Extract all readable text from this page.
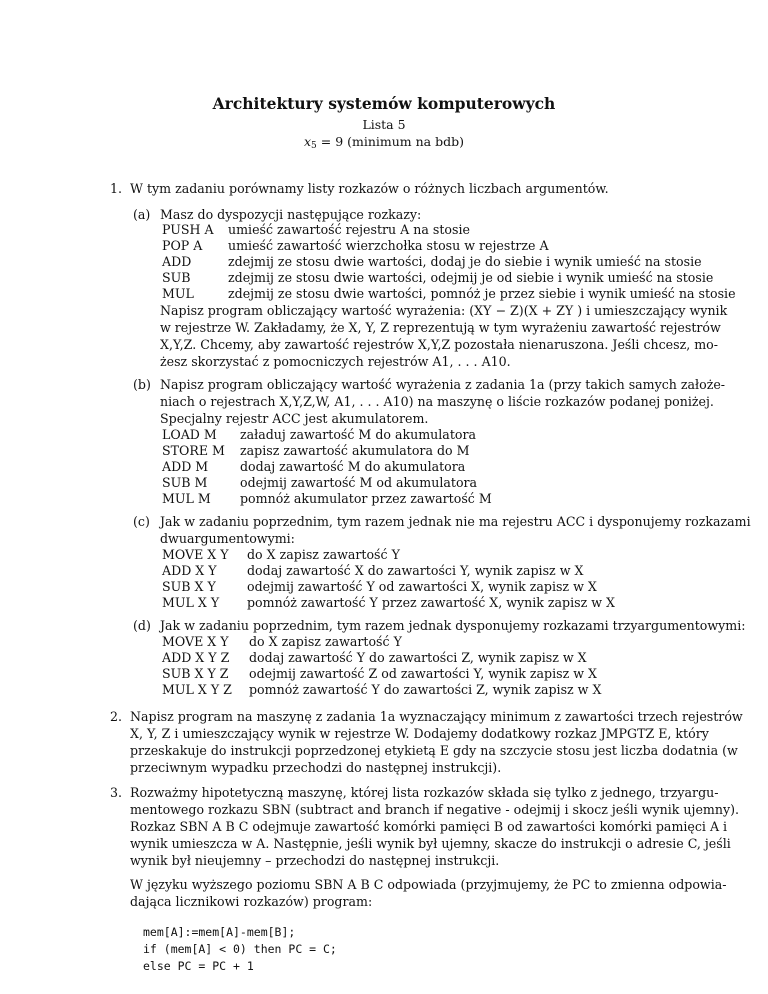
Architektury systemów komputerowych
Lista 5
x5 = 9 (minimum na bdb)
1. W tym zadaniu porównamy listy rozkazów o różnych liczbach argumentów.
(a) Masz do dyspozycji następujące rozkazy:
PUSH A umieść zawartość rejestru A na stosie
POP A umieść zawartość wierzchołka stosu w rejestrze A
ADD	zdejmij ze stosu dwie wartości, dodaj je do siebie i wynik umieść na stosie
SUB	zdejmij ze stosu dwie wartości, odejmij je od siebie i wynik umieść na stosie
MUL	zdejmij ze stosu dwie wartości, pomnóż je przez siebie i wynik umieść na stosie
Napisz program obliczający wartość wyrażenia: (XY − Z)(X + ZY ) i umieszczający wynik
w rejestrze W. Zakładamy, że X, Y, Z reprezentują w tym wyrażeniu zawartość rejestrów
X,Y,Z. Chcemy, aby zawartość rejestrów X,Y,Z pozostała nienaruszona. Jeśli chcesz, mo-
żesz skorzystać z pomocniczych rejestrów A1, . . . A10.
(b) Napisz program obliczający wartość wyrażenia z zadania 1a (przy takich samych założe-
niach o rejestrach X,Y,Z,W, A1, . . . A10) na maszynę o liście rozkazów podanej poniżej.
Specjalny rejestr ACC jest akumulatorem.
LOAD M załaduj zawartość M do akumulatora
STORE M zapisz zawartość akumulatora do M
ADD M	dodaj zawartość M do akumulatora
SUB M	odejmij zawartość M od akumulatora
MUL M pomnóż akumulator przez zawartość M
(c) Jak w zadaniu poprzednim, tym razem jednak nie ma rejestru ACC i dysponujemy rozkazami
dwuargumentowymi:
MOVE X Y do X zapisz zawartość Y
ADD X Y dodaj zawartość X do zawartości Y, wynik zapisz w X
SUB X Y odejmij zawartość Y od zawartości X, wynik zapisz w X
MUL X Y pomnóż zawartość Y przez zawartość X, wynik zapisz w X
(d) Jak w zadaniu poprzednim, tym razem jednak dysponujemy rozkazami trzyargumentowymi:
MOVE X Y do X zapisz zawartość Y
ADD X Y Z dodaj zawartość Y do zawartości Z, wynik zapisz w X
SUB X Y Z odejmij zawartość Z od zawartości Y, wynik zapisz w X
MUL X Y Z pomnóż zawartość Y do zawartości Z, wynik zapisz w X
2. Napisz program na maszynę z zadania 1a wyznaczający minimum z zawartości trzech rejestrów
X, Y, Z i umieszczający wynik w rejestrze W. Dodajemy dodatkowy rozkaz JMPGTZ E, który
przeskakuje do instrukcji poprzedzonej etykietą E gdy na szczycie stosu jest liczba dodatnia (w
przeciwnym wypadku przechodzi do następnej instrukcji).
3. Rozważmy hipotetyczną maszynę, której lista rozkazów składa się tylko z jednego, trzyargu-
mentowego rozkazu SBN (subtract and branch if negative - odejmij i skocz jeśli wynik ujemny).
Rozkaz SBN A B C odejmuje zawartość komórki pamięci B od zawartości komórki pamięci A i
wynik umieszcza w A. Następnie, jeśli wynik był ujemny, skacze do instrukcji o adresie C, jeśli
wynik był nieujemny – przechodzi do następnej instrukcji.
W języku wyższego poziomu SBN A B C odpowiada (przyjmujemy, że PC to zmienna odpowia-
dająca licznikowi rozkazów) program:
mem[A]:=mem[A]-mem[B];
if (mem[A] < 0) then PC = C;
else PC = PC + 1
